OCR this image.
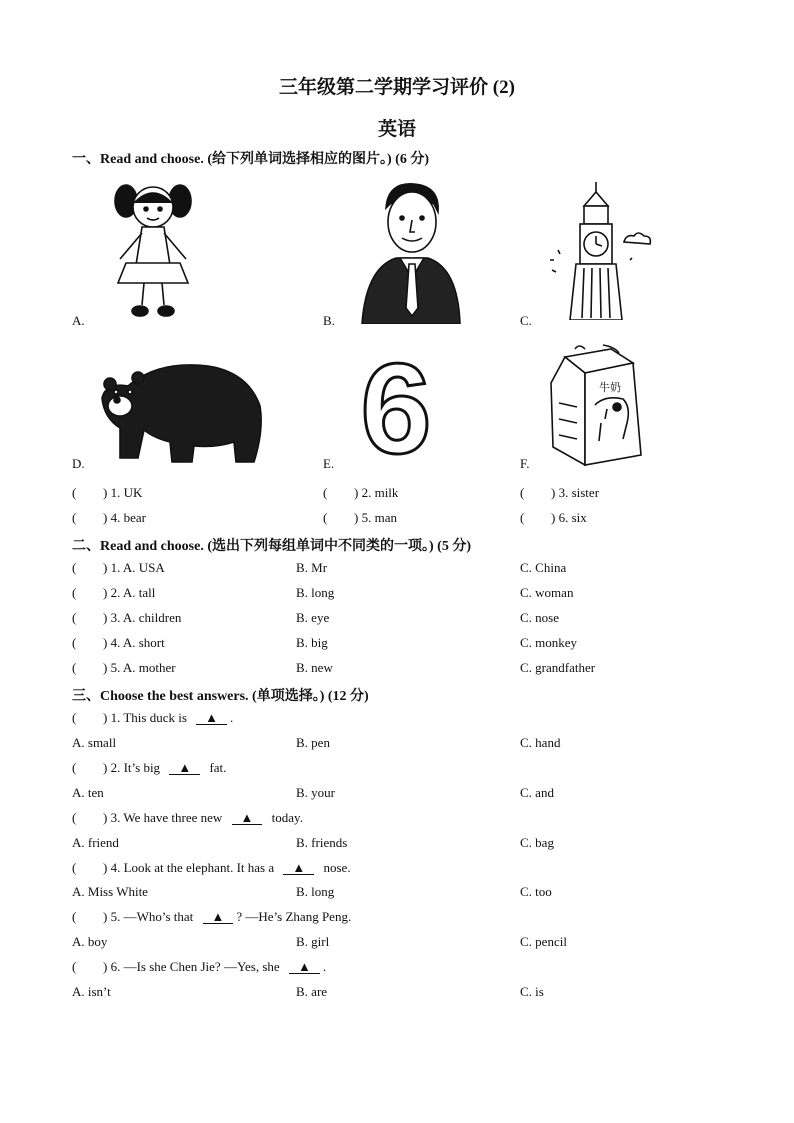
三年级第二学期学习评价 (2)
英语
一、Read and choose. (给下列单词选择相应的图片。) (6 分)
A.	B.	C.
D. 6
E.
牛奶
F.
( ) 1. UK	( ) 2. milk	( ) 3. sister
( ) 4. bear	( ) 5. man	( ) 6. six
二、Read and choose. (选出下列每组单词中不同类的一项。) (5 分)
( ) 1. A. USA	B. Mr	C. China
( ) 2. A. tall	B. long	C. woman
( ) 3. A. children	B. eye	C. nose
( ) 4. A. short	B. big	C. monkey
( ) 5. A. mother	B. new	C. grandfather
三、Choose the best answers. (单项选择。) (12 分)
( ) 1. This duck is ▲ .
A. small	B. pen	C. hand
( ) 2. It’s big ▲ fat.
A. ten	B. your	C. and
( ) 3. We have three new ▲ today.
A. friend	B. friends	C. bag
( ) 4. Look at the elephant. It has a ▲ nose.
A. Miss White	B. long	C. too
( ) 5. —Who’s that ▲ ? —He’s Zhang Peng.
A. boy	B. girl	C. pencil
( ) 6. —Is she Chen Jie? —Yes, she ▲ .
A. isn’t	B. are	C. is
